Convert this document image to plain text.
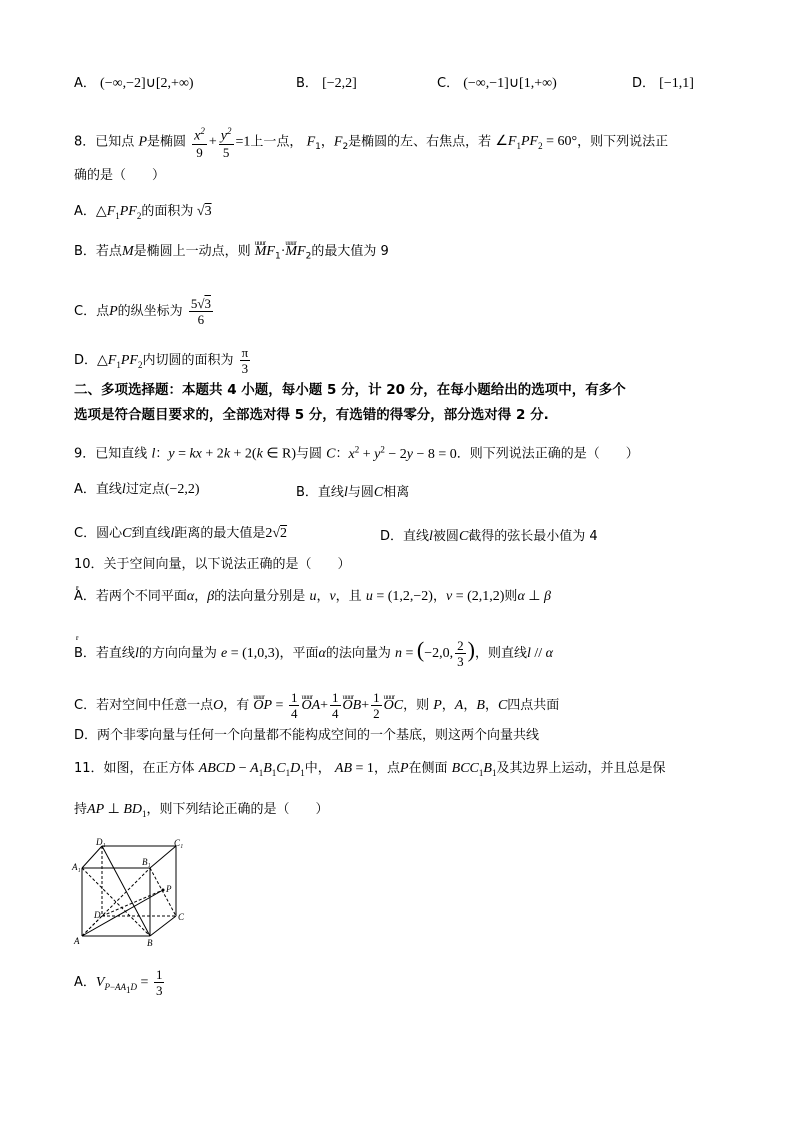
A． (−∞,−2]∪[2,+∞)	B． [−2,2]	C． (−∞,−1]∪[1,+∞)	D． [−1,1]
8．已知点 P是椭圆 $\frac{x^2}{9} + \frac{y^2}{5} =1$上一点， $F_1$，$F_2$是椭圆的左、右焦点，若 $\angle F_1PF_2 = 60^\circ$，则下列说法正
确的是（　　）
A．$\triangle F_1PF_2$的面积为 √3
B．若点M是椭圆上一动点，则 uuur $MF_1\cdot uuur$ $MF_2$的最大值为 9
C．点P的纵坐标为 $\frac{5√3}{6}$
D．$\triangle F_1PF_2$内切圆的面积为 $\frac{\pi}{3}$
二、多项选择题：本题共 4 小题，每小题 5 分，计 20 分，在每小题给出的选项中，有多个
选项是符合题目要求的，全部选对得 5 分，有选错的得零分，部分选对得 2 分.
9．已知直线 l：y = kx + 2k + 2(k ∈ R)与圆 C：$x^2 + y^2 - 2y - 8 = 0$．则下列说法正确的是（　　）
A．直线l过定点(−2,2)	B．直线l与圆C相离
C．圆心C到直线l距离的最大值是2√2	D．直线l被圆C截得的弦长最小值为 4
10．关于空间向量，以下说法正确的是（　　）
A．若两个不同平面α，β的法向量分别是 r u，r v，且 r u = (1,2,−2)，r v = (2,1,2)则α ⊥ β
B．若直线l的方向向量为 r e = (1,0,3)，平面α的法向量为 r n = (−2,0, $\frac{2}{3}$ )，则直线l // α
C．若对空间中任意一点O，有 uuur OP = $\frac{1}{4}$ uuur $OA+ \frac{1}{4}$ uuur $OB+ \frac{1}{2}$ uuur OC，则 P，A，B，C四点共面
D．两个非零向量与任何一个向量都不能构成空间的一个基底，则这两个向量共线
11．如图，在正方体 ABCD − $A_1B_1C_1D_1$中， AB = 1，点P在侧面 $BCC_1B_1$及其边界上运动，并且总是保
持AP ⊥ $BD_1$，则下列结论正确的是（　　）
D₁	C₁
A₁	B₁
P
D	C
A	B
A．$V_{P-AA_1D} = \frac{1}{3}$
